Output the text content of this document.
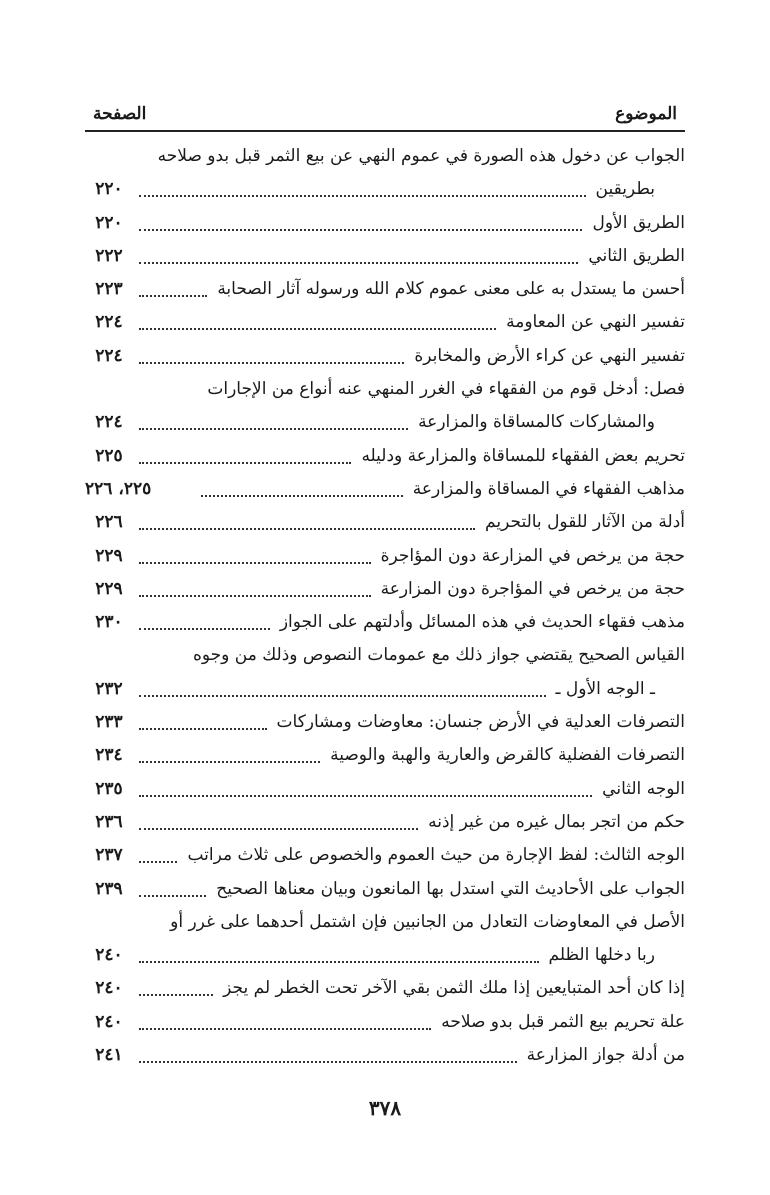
الموضوع
الصفحة
الجواب عن دخول هذه الصورة في عموم النهي عن بيع الثمر قبل بدو صلاحه
بطريقين
٢٢٠
الطريق الأول
٢٢٠
الطريق الثاني
٢٢٢
أحسن ما يستدل به على معنى عموم كلام الله ورسوله آثار الصحابة
٢٢٣
تفسير النهي عن المعاومة
٢٢٤
تفسير النهي عن كراء الأرض والمخابرة
٢٢٤
فصل: أدخل قوم من الفقهاء في الغرر المنهي عنه أنواع من الإجارات
والمشاركات كالمساقاة والمزارعة
٢٢٤
تحريم بعض الفقهاء للمساقاة والمزارعة ودليله
٢٢٥
مذاهب الفقهاء في المساقاة والمزارعة
٢٢٥، ٢٢٦
أدلة من الآثار للقول بالتحريم
٢٢٦
حجة من يرخص في المزارعة دون المؤاجرة
٢٢٩
حجة من يرخص في المؤاجرة دون المزارعة
٢٢٩
مذهب فقهاء الحديث في هذه المسائل وأدلتهم على الجواز
٢٣٠
القياس الصحيح يقتضي جواز ذلك مع عمومات النصوص وذلك من وجوه
ـ الوجه الأول ـ
٢٣٢
التصرفات العدلية في الأرض جنسان: معاوضات ومشاركات
٢٣٣
التصرفات الفضلية كالقرض والعارية والهبة والوصية
٢٣٤
الوجه الثاني
٢٣٥
حكم من اتجر بمال غيره من غير إذنه
٢٣٦
الوجه الثالث: لفظ الإجارة من حيث العموم والخصوص على ثلاث مراتب
٢٣٧
الجواب على الأحاديث التي استدل بها المانعون وبيان معناها الصحيح
٢٣٩
الأصل في المعاوضات التعادل من الجانبين فإن اشتمل أحدهما على غرر أو
ربا دخلها الظلم
٢٤٠
إذا كان أحد المتبايعين إذا ملك الثمن بقي الآخر تحت الخطر لم يجز
٢٤٠
علة تحريم بيع الثمر قبل بدو صلاحه
٢٤٠
من أدلة جواز المزارعة
٢٤١
٣٧٨
